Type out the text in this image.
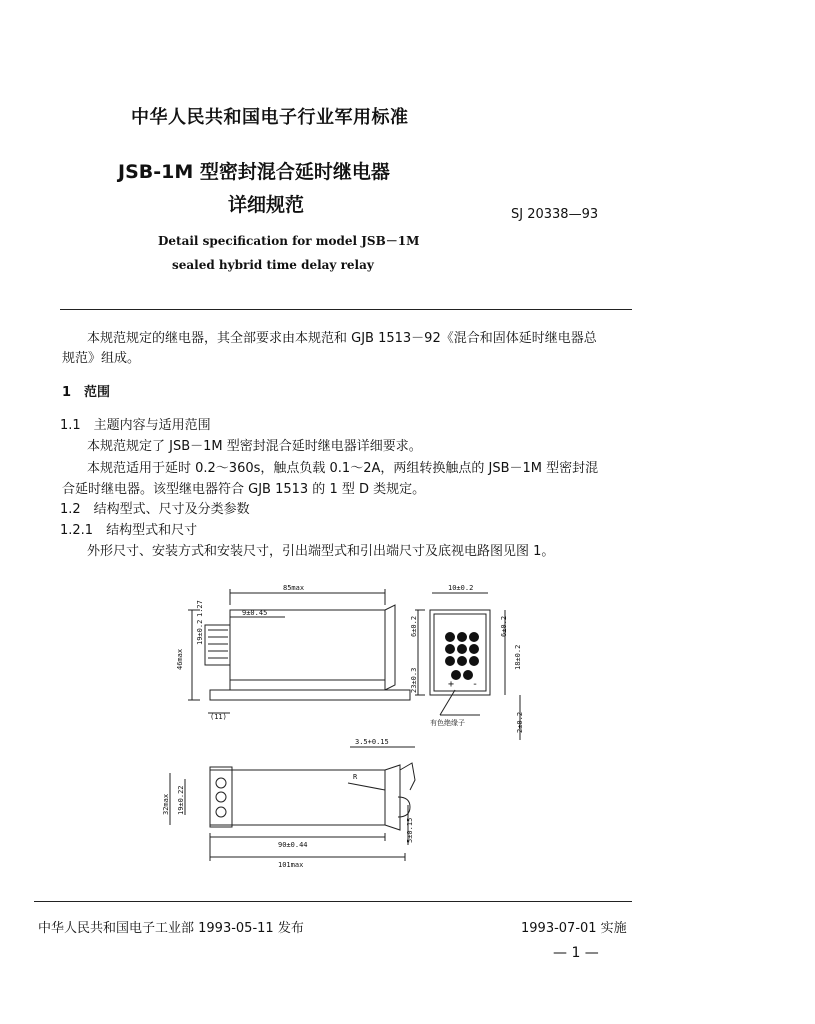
中华人民共和国电子行业军用标准
JSB-1M 型密封混合延时继电器
详细规范	SJ 20338—93
Detail specification for model JSB－1M
sealed hybrid time delay relay
本规范规定的继电器，其全部要求由本规范和 GJB 1513－92《混合和固体延时继电器总
规范》组成。
1　范围
1.1　主题内容与适用范围
本规范规定了 JSB－1M 型密封混合延时继电器详细要求。
本规范适用于延时 0.2～360s，触点负载 0.1～2A，两组转换触点的 JSB－1M 型密封混
合延时继电器。该型继电器符合 GJB 1513 的 1 型 D 类规定。
1.2　结构型式、尺寸及分类参数
1.2.1　结构型式和尺寸
外形尺寸、安装方式和安装尺寸，引出端型式和引出端尺寸及底视电路图见图 1。
85max
9±0.45
19±0.2
1.27
46max
(11)
10±0.2
6±0.2	6±0.2
23±0.3
18±0.2
2±0.2
+ -
有色绝缘子
3.5+0.15
R
32max 19±0.22
5±0.15
90±0.44
101max
中华人民共和国电子工业部 1993-05-11 发布	1993-07-01 实施
— 1 —
